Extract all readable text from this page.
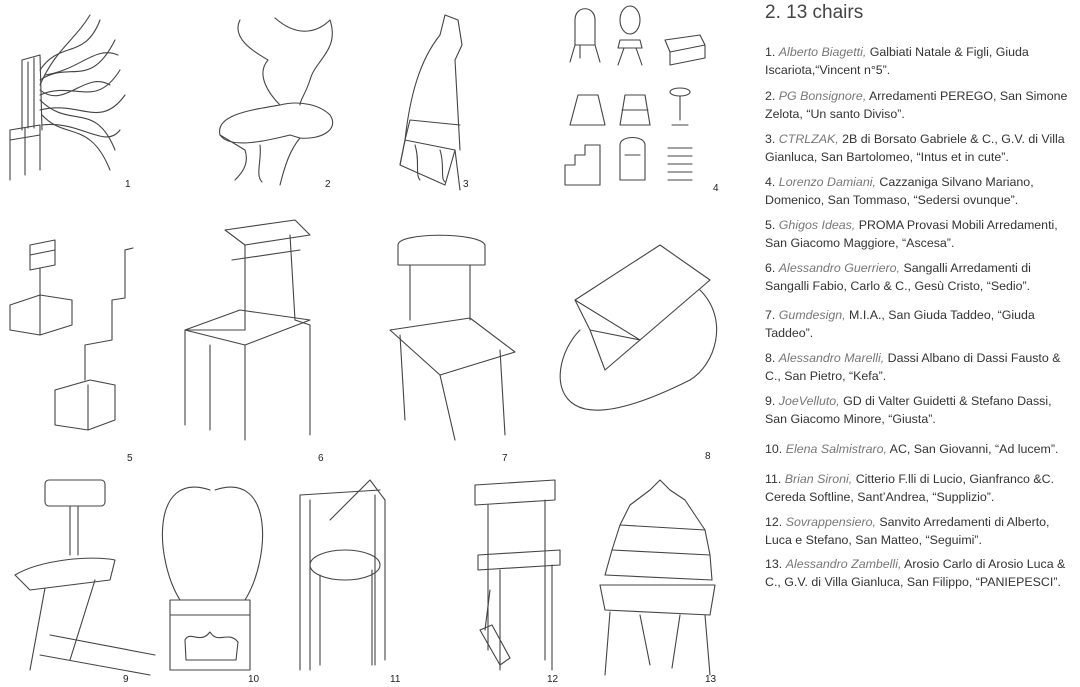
1	2	3	4
5	6	7	8
9	10	11	12	13
2. 13 chairs
1. Alberto Biagetti, Galbiati Natale & Figli, Giuda Iscariota,“Vincent n°5”.
2. PG Bonsignore, Arredamenti PEREGO, San Simone Zelota, “Un santo Diviso”.
3. CTRLZAK, 2B di Borsato Gabriele & C., G.V. di Villa Gianluca, San Bartolomeo, “Intus et in cute”.
4. Lorenzo Damiani, Cazzaniga Silvano Mariano, Domenico, San Tommaso, “Sedersi ovunque”.
5. Ghigos Ideas, PROMA Provasi Mobili Arredamenti, San Giacomo Maggiore, “Ascesa”.
6. Alessandro Guerriero, Sangalli Arredamenti di Sangalli Fabio, Carlo & C., Gesù Cristo, “Sedio”.
7. Gumdesign, M.I.A., San Giuda Taddeo, “Giuda Taddeo”.
8. Alessandro Marelli, Dassi Albano di Dassi Fausto & C., San Pietro, “Kefa”.
9. JoeVelluto, GD di Valter Guidetti & Stefano Dassi, San Giacomo Minore, “Giusta”.
10. Elena Salmistraro, AC, San Giovanni, “Ad lucem”.
11. Brian Sironi, Citterio F.lli di Lucio, Gianfranco &C. Cereda Softline, Sant’Andrea, “Supplizio”.
12. Sovrappensiero, Sanvito Arredamenti di Alberto, Luca e Stefano, San Matteo, “Seguimi”.
13. Alessandro Zambelli, Arosio Carlo di Arosio Luca & C., G.V. di Villa Gianluca, San Filippo, “PANIEPESCI”.
